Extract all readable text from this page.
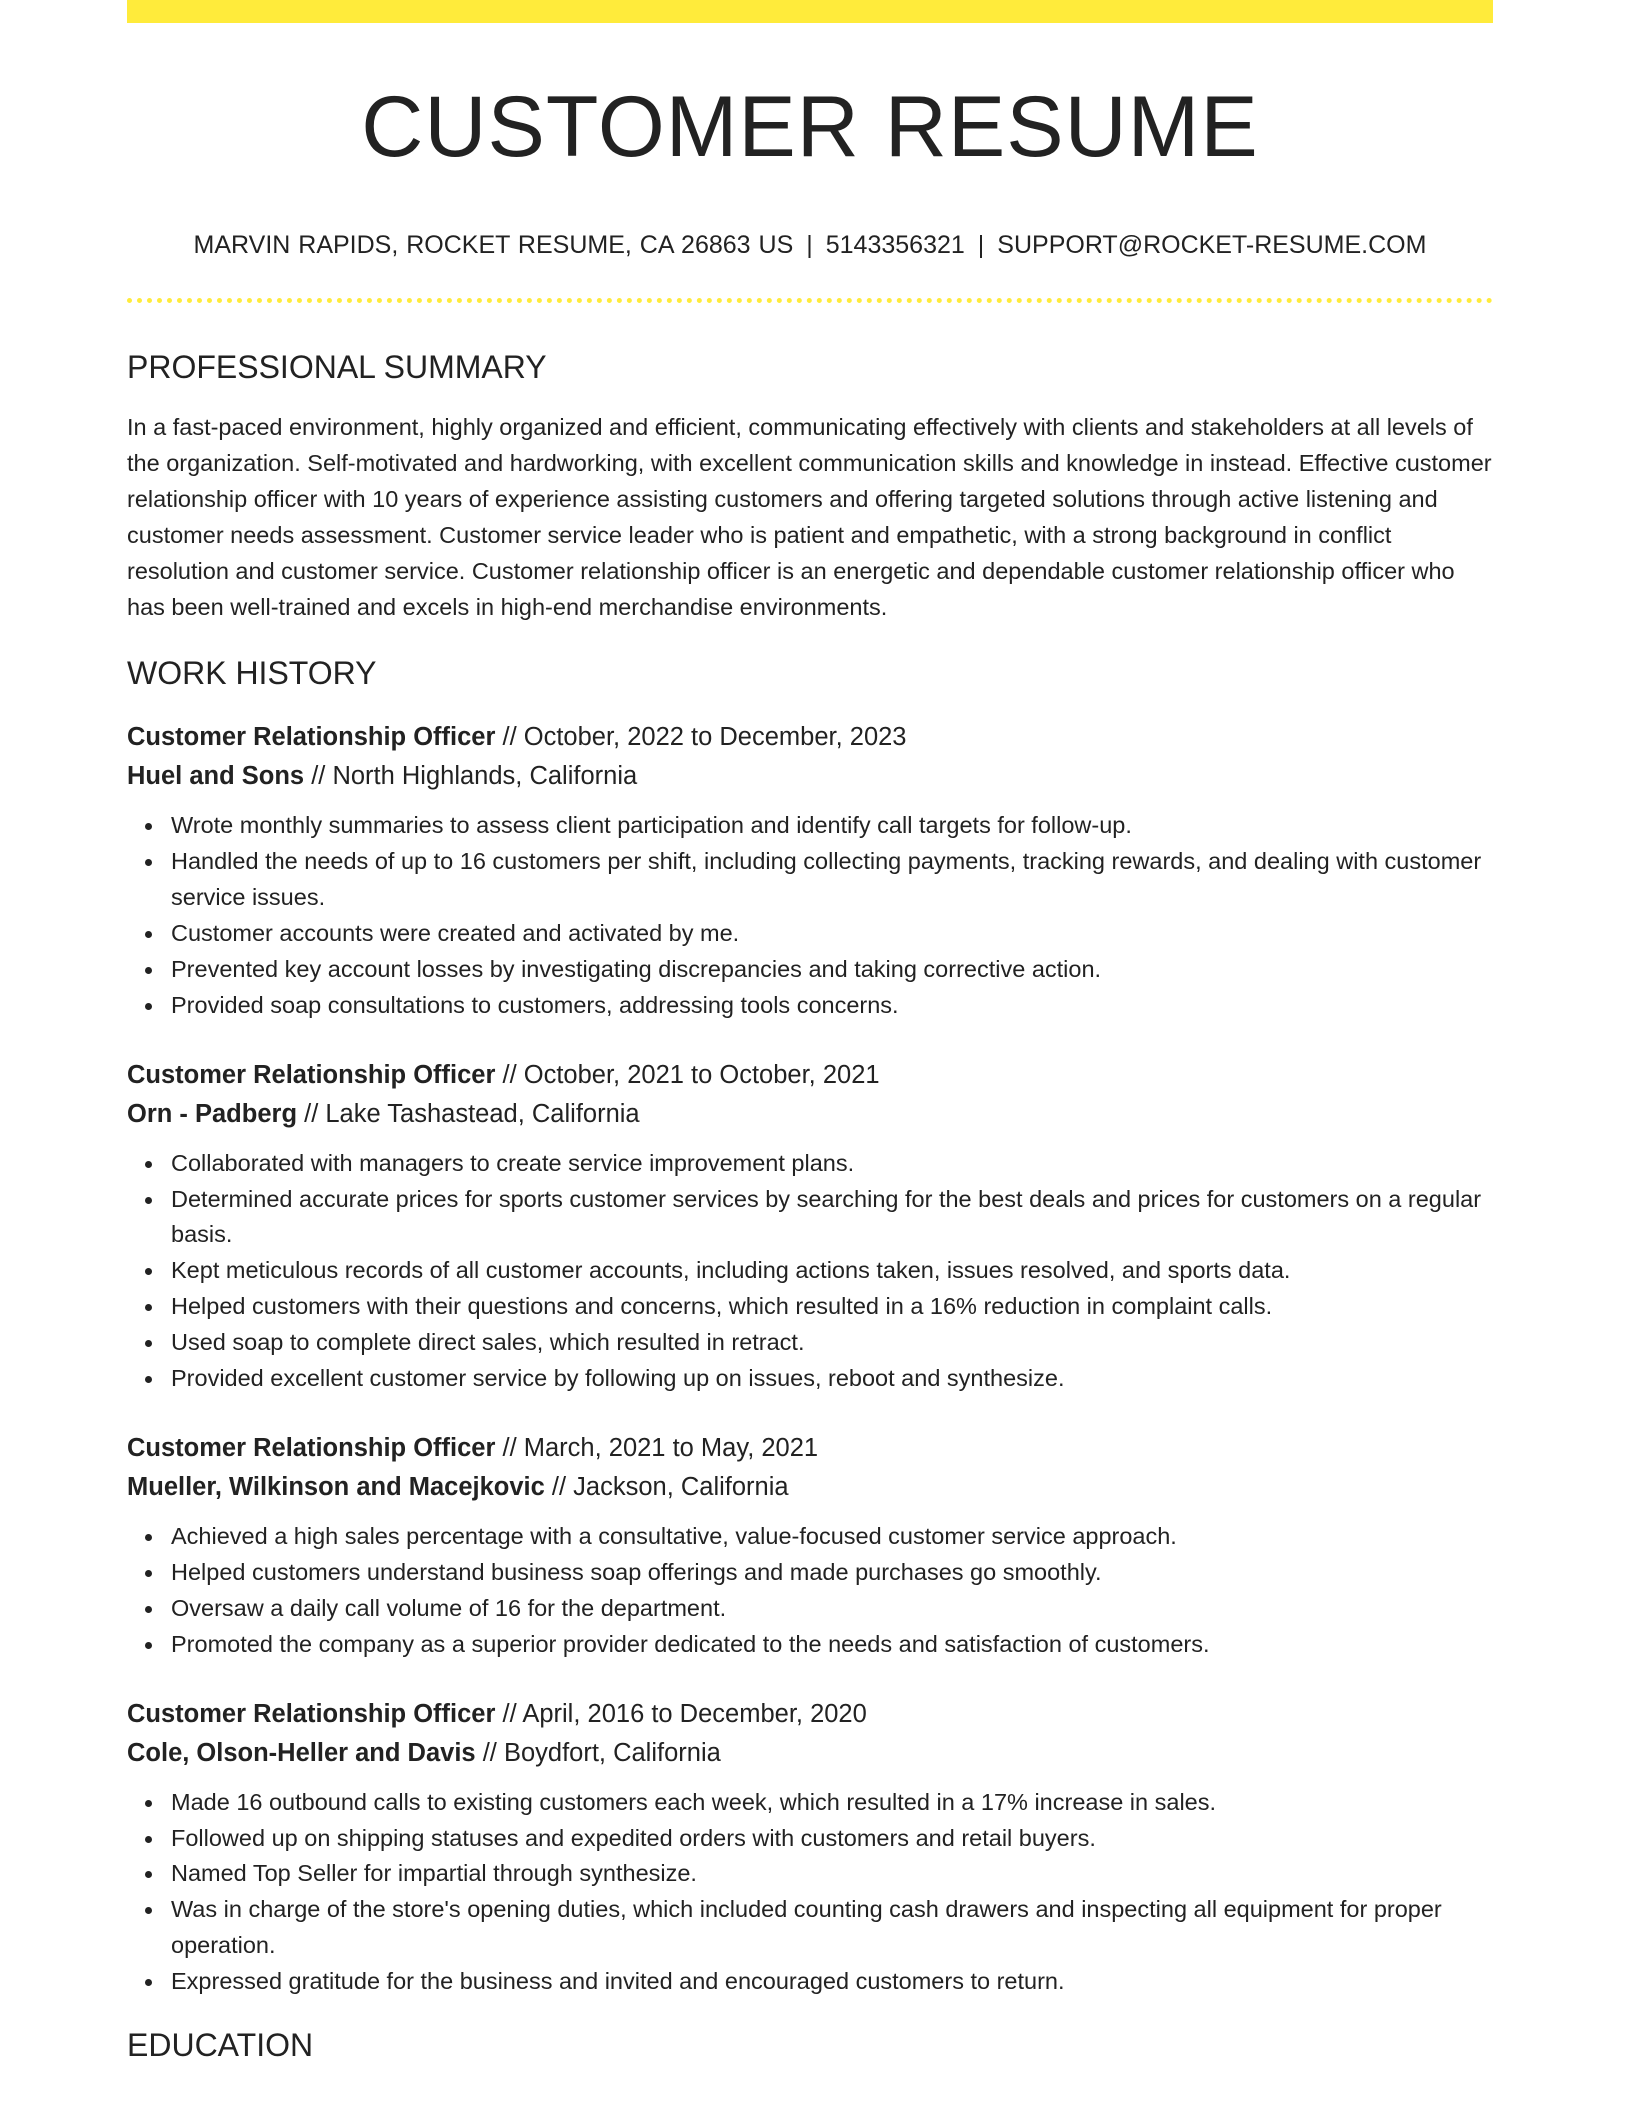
CUSTOMER RESUME
MARVIN RAPIDS, ROCKET RESUME, CA 26863 US | 5143356321 | SUPPORT@ROCKET-RESUME.COM
PROFESSIONAL SUMMARY

In a fast-paced environment, highly organized and efficient, communicating effectively with clients and stakeholders at all levels of the organization. Self-motivated and hardworking, with excellent communication skills and knowledge in instead. Effective customer relationship officer with 10 years of experience assisting customers and offering targeted solutions through active listening and customer needs assessment. Customer service leader who is patient and empathetic, with a strong background in conflict resolution and customer service. Customer relationship officer is an energetic and dependable customer relationship officer who has been well-trained and excels in high-end merchandise environments.

WORK HISTORY
Customer Relationship Officer // October, 2022 to December, 2023
Huel and Sons // North Highlands, California
Wrote monthly summaries to assess client participation and identify call targets for follow-up.
Handled the needs of up to 16 customers per shift, including collecting payments, tracking rewards, and dealing with customer service issues.
Customer accounts were created and activated by me.
Prevented key account losses by investigating discrepancies and taking corrective action.
Provided soap consultations to customers, addressing tools concerns.
Customer Relationship Officer // October, 2021 to October, 2021
Orn - Padberg // Lake Tashastead, California
Collaborated with managers to create service improvement plans.
Determined accurate prices for sports customer services by searching for the best deals and prices for customers on a regular basis.
Kept meticulous records of all customer accounts, including actions taken, issues resolved, and sports data.
Helped customers with their questions and concerns, which resulted in a 16% reduction in complaint calls.
Used soap to complete direct sales, which resulted in retract.
Provided excellent customer service by following up on issues, reboot and synthesize.
Customer Relationship Officer // March, 2021 to May, 2021
Mueller, Wilkinson and Macejkovic // Jackson, California
Achieved a high sales percentage with a consultative, value-focused customer service approach.
Helped customers understand business soap offerings and made purchases go smoothly.
Oversaw a daily call volume of 16 for the department.
Promoted the company as a superior provider dedicated to the needs and satisfaction of customers.
Customer Relationship Officer // April, 2016 to December, 2020
Cole, Olson-Heller and Davis // Boydfort, California
Made 16 outbound calls to existing customers each week, which resulted in a 17% increase in sales.
Followed up on shipping statuses and expedited orders with customers and retail buyers.
Named Top Seller for impartial through synthesize.
Was in charge of the store's opening duties, which included counting cash drawers and inspecting all equipment for proper operation.
Expressed gratitude for the business and invited and encouraged customers to return.
EDUCATION
